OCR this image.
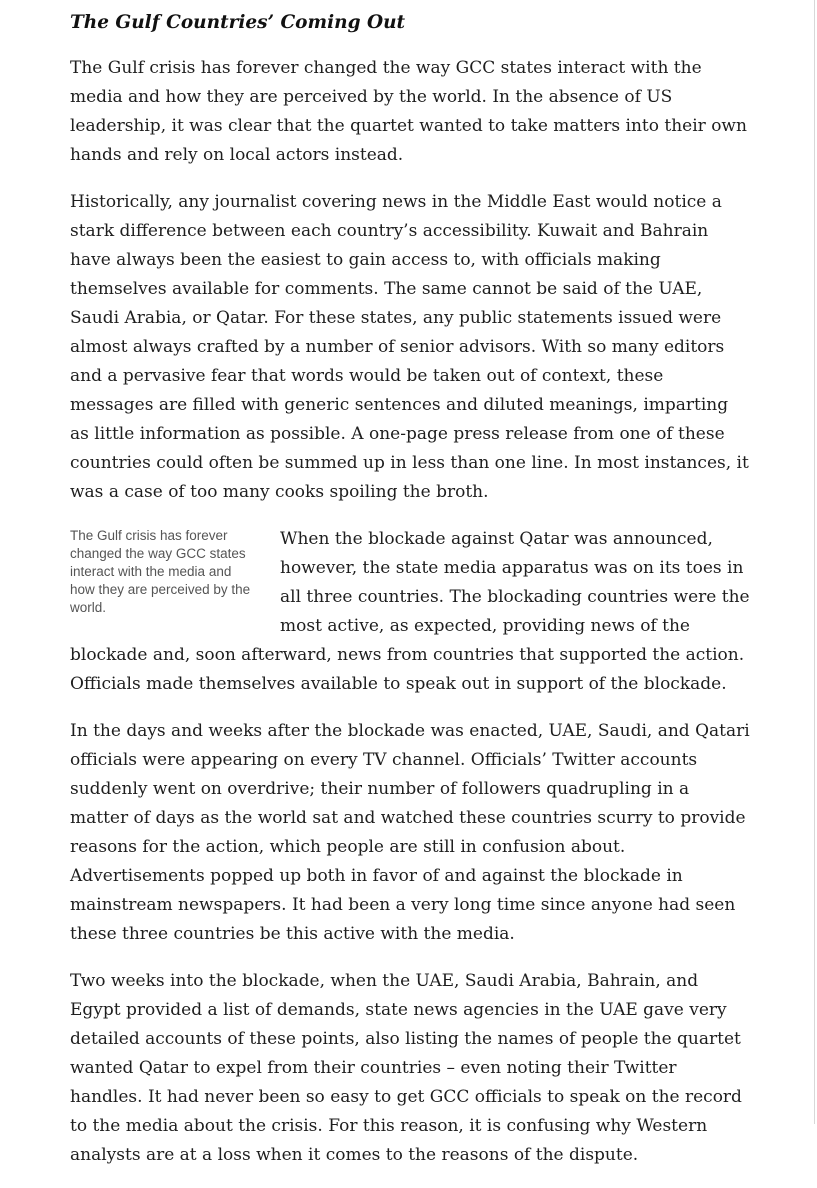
The Gulf Countries’ Coming Out

The Gulf crisis has forever changed the way GCC states interact with the media and how they are perceived by the world. In the absence of US leadership, it was clear that the quartet wanted to take matters into their own hands and rely on local actors instead.

Historically, any journalist covering news in the Middle East would notice a stark difference between each country’s accessibility. Kuwait and Bahrain have always been the easiest to gain access to, with officials making themselves available for comments. The same cannot be said of the UAE, Saudi Arabia, or Qatar. For these states, any public statements issued were almost always crafted by a number of senior advisors. With so many editors and a pervasive fear that words would be taken out of context, these messages are filled with generic sentences and diluted meanings, imparting as little information as possible. A one-page press release from one of these countries could often be summed up in less than one line. In most instances, it was a case of too many cooks spoiling the broth.

The Gulf crisis has forever changed the way GCC states interact with the media and how they are perceived by the world.

When the blockade against Qatar was announced, however, the state media apparatus was on its toes in all three countries. The blockading countries were the most active, as expected, providing news of the blockade and, soon afterward, news from countries that supported the action. Officials made themselves available to speak out in support of the blockade.

In the days and weeks after the blockade was enacted, UAE, Saudi, and Qatari officials were appearing on every TV channel. Officials’ Twitter accounts suddenly went on overdrive; their number of followers quadrupling in a matter of days as the world sat and watched these countries scurry to provide reasons for the action, which people are still in confusion about. Advertisements popped up both in favor of and against the blockade in mainstream newspapers. It had been a very long time since anyone had seen these three countries be this active with the media.

Two weeks into the blockade, when the UAE, Saudi Arabia, Bahrain, and Egypt provided a list of demands, state news agencies in the UAE gave very detailed accounts of these points, also listing the names of people the quartet wanted Qatar to expel from their countries – even noting their Twitter handles. It had never been so easy to get GCC officials to speak on the record to the media about the crisis. For this reason, it is confusing why Western analysts are at a loss when it comes to the reasons of the dispute.
